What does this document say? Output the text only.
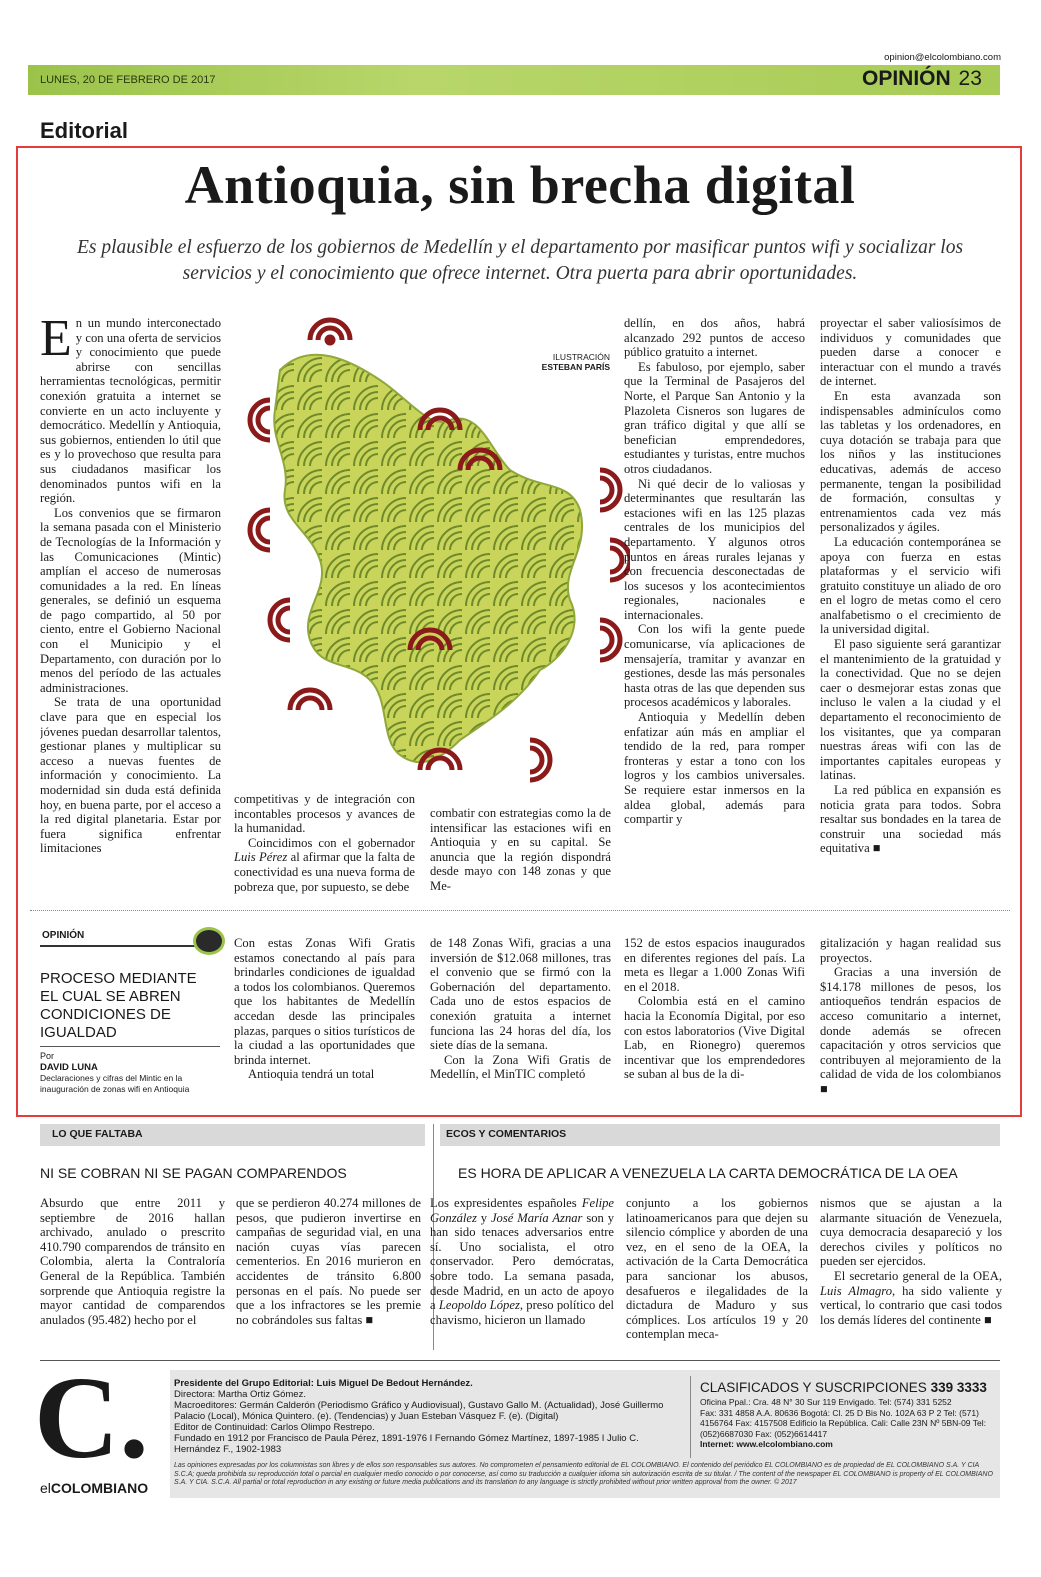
opinion@elcolombiano.com
LUNES, 20 DE FEBRERO DE 2017	OPINIÓN 23
Editorial
Antioquia, sin brecha digital
Es plausible el esfuerzo de los gobiernos de Medellín y el departamento por masificar puntos wifi y socializar los servicios y el conocimiento que ofrece internet. Otra puerta para abrir oportunidades.
ILUSTRACIÓN
ESTEBAN PARÍS
E n un mundo interconectado y con una oferta de servicios y conocimiento que puede abrirse con sencillas herramientas tecnológicas, permitir conexión gratuita a internet se convierte en un acto incluyente y democrático. Medellín y Antioquia, sus gobiernos, entienden lo útil que es y lo provechoso que resulta para sus ciudadanos masificar los denominados puntos wifi en la región.

Los convenios que se firmaron la semana pasada con el Ministerio de Tecnologías de la Información y las Comunicaciones (Mintic) amplían el acceso de numerosas comunidades a la red. En líneas generales, se definió un esquema de pago compartido, al 50 por ciento, entre el Gobierno Nacional con el Municipio y el Departamento, con duración por lo menos del período de las actuales administraciones.

Se trata de una oportunidad clave para que en especial los jóvenes puedan desarrollar talentos, gestionar planes y multiplicar su acceso a nuevas fuentes de información y conocimiento. La modernidad sin duda está definida hoy, en buena parte, por el acceso a la red digital planetaria. Estar por fuera significa enfrentar limitaciones

competitivas y de integración con incontables procesos y avances de la humanidad.

Coincidimos con el gobernador Luis Pérez al afirmar que la falta de conectividad es una nueva forma de pobreza que, por supuesto, se debe

combatir con estrategias como la de intensificar las estaciones wifi en Antioquia y en su capital. Se anuncia que la región dispondrá desde mayo con 148 zonas y que Me-

dellín, en dos años, habrá alcanzado 292 puntos de acceso público gratuito a internet.

Es fabuloso, por ejemplo, saber que la Terminal de Pasajeros del Norte, el Parque San Antonio y la Plazoleta Cisneros son lugares de gran tráfico digital y que allí se benefician emprendedores, estudiantes y turistas, entre muchos otros ciudadanos.

Ni qué decir de lo valiosas y determinantes que resultarán las estaciones wifi en las 125 plazas centrales de los municipios del departamento. Y algunos otros puntos en áreas rurales lejanas y con frecuencia desconectadas de los sucesos y los acontecimientos regionales, nacionales e internacionales.

Con los wifi la gente puede comunicarse, vía aplicaciones de mensajería, tramitar y avanzar en gestiones, desde las más personales hasta otras de las que dependen sus procesos académicos y laborales.

Antioquia y Medellín deben enfatizar aún más en ampliar el tendido de la red, para romper fronteras y estar a tono con los logros y los cambios universales. Se requiere estar inmersos en la aldea global, además para compartir y

proyectar el saber valiosísimos de individuos y comunidades que pueden darse a conocer e interactuar con el mundo a través de internet.

En esta avanzada son indispensables adminículos como las tabletas y los ordenadores, en cuya dotación se trabaja para que los niños y las instituciones educativas, además de acceso permanente, tengan la posibilidad de formación, consultas y entrenamientos cada vez más personalizados y ágiles.

La educación contemporánea se apoya con fuerza en estas plataformas y el servicio wifi gratuito constituye un aliado de oro en el logro de metas como el cero analfabetismo o el crecimiento de la universidad digital.

El paso siguiente será garantizar el mantenimiento de la gratuidad y la conectividad. Que no se dejen caer o desmejorar estas zonas que incluso le valen a la ciudad y el departamento el reconocimiento de los visitantes, que ya comparan nuestras áreas wifi con las de importantes capitales europeas y latinas.

La red pública en expansión es noticia grata para todos. Sobra resaltar sus bondades en la tarea de construir una sociedad más equitativa ■

OPINIÓN
PROCESO MEDIANTE EL CUAL SE ABREN CONDICIONES DE IGUALDAD
Por
DAVID LUNA
Declaraciones y cifras del Mintic en la inauguración de zonas wifi en Antioquia

Con estas Zonas Wifi Gratis estamos conectando al país para brindarles condiciones de igualdad a todos los colombianos. Queremos que los habitantes de Medellín accedan desde las principales plazas, parques o sitios turísticos de la ciudad a las oportunidades que brinda internet.

Antioquia tendrá un total

de 148 Zonas Wifi, gracias a una inversión de $12.068 millones, tras el convenio que se firmó con la Gobernación del departamento. Cada uno de estos espacios de conexión gratuita a internet funciona las 24 horas del día, los siete días de la semana.

Con la Zona Wifi Gratis de Medellín, el MinTIC completó

152 de estos espacios inaugurados en diferentes regiones del país. La meta es llegar a 1.000 Zonas Wifi en el 2018.

Colombia está en el camino hacia la Economía Digital, por eso con estos laboratorios (Vive Digital Lab, en Rionegro) queremos incentivar que los emprendedores se suban al bus de la di-

gitalización y hagan realidad sus proyectos.

Gracias a una inversión de $14.178 millones de pesos, los antioqueños tendrán espacios de acceso comunitario a internet, donde además se ofrecen capacitación y otros servicios que contribuyen al mejoramiento de la calidad de vida de los colombianos ■

LO QUE FALTABA
NI SE COBRAN NI SE PAGAN COMPARENDOS

Absurdo que entre 2011 y septiembre de 2016 hallan archivado, anulado o prescrito 410.790 comparendos de tránsito en Colombia, alerta la Contraloría General de la República. También sorprende que Antioquia registre la mayor cantidad de comparendos anulados (95.482) hecho por el

que se perdieron 40.274 millones de pesos, que pudieron invertirse en campañas de seguridad vial, en una nación cuyas vías parecen cementerios. En 2016 murieron en accidentes de tránsito 6.800 personas en el país. No puede ser que a los infractores se les premie no cobrándoles sus faltas ■

ECOS Y COMENTARIOS
ES HORA DE APLICAR A VENEZUELA LA CARTA DEMOCRÁTICA DE LA OEA

Los expresidentes españoles Felipe González y José María Aznar son y han sido tenaces adversarios entre sí. Uno socialista, el otro conservador. Pero demócratas, sobre todo. La semana pasada, desde Madrid, en un acto de apoyo a Leopoldo López, preso político del chavismo, hicieron un llamado

conjunto a los gobiernos latinoamericanos para que dejen su silencio cómplice y aborden de una vez, en el seno de la OEA, la activación de la Carta Democrática para sancionar los abusos, desafueros e ilegalidades de la dictadura de Maduro y sus cómplices. Los artículos 19 y 20 contemplan meca-

nismos que se ajustan a la alarmante situación de Venezuela, cuya democracia desapareció y los derechos civiles y políticos no pueden ser ejercidos.

El secretario general de la OEA, Luis Almagro, ha sido valiente y vertical, lo contrario que casi todos los demás líderes del continente ■

C.
elCOLOMBIANO
Presidente del Grupo Editorial: Luis Miguel De Bedout Hernández.
Directora: Martha Ortiz Gómez.
Macroeditores: Germán Calderón (Periodismo Gráfico y Audiovisual), Gustavo Gallo M. (Actualidad), José Guillermo Palacio (Local), Mónica Quintero. (e). (Tendencias) y Juan Esteban Vásquez F. (e). (Digital)
Editor de Continuidad: Carlos Olimpo Restrepo.
Fundado en 1912 por Francisco de Paula Pérez, 1891-1976 I Fernando Gómez Martínez, 1897-1985 I Julio C. Hernández F., 1902-1983
CLASIFICADOS Y SUSCRIPCIONES 339 3333
Oficina Ppal.: Cra. 48 N° 30 Sur 119 Envigado. Tel: (574) 331 5252
Fax: 331 4858 A.A. 80636 Bogotá: Cl. 25 D Bis No. 102A 63 P 2 Tel: (571)
4156764 Fax: 4157508 Edificio la República. Cali: Calle 23N Nº 5BN-09 Tel:
(052)6687030 Fax: (052)6614417
Internet: www.elcolombiano.com
Las opiniones expresadas por los columnistas son libres y de ellos son responsables sus autores. No comprometen el pensamiento editorial de EL COLOMBIANO. El contenido del periódico EL COLOMBIANO es de propiedad de EL COLOMBIANO S.A. Y CIA S.C.A; queda prohibida su reproducción total o parcial en cualquier medio conocido o por conocerse, así como su traducción a cualquier idioma sin autorización escrita de su titular. / The content of the newspaper EL COLOMBIANO is property of EL COLOMBIANO S.A. Y CIA. S.C.A. All partial or total reproduction in any existing or future media publications and its translation to any language is strictly prohibited without prior written approval from the owner. © 2017
